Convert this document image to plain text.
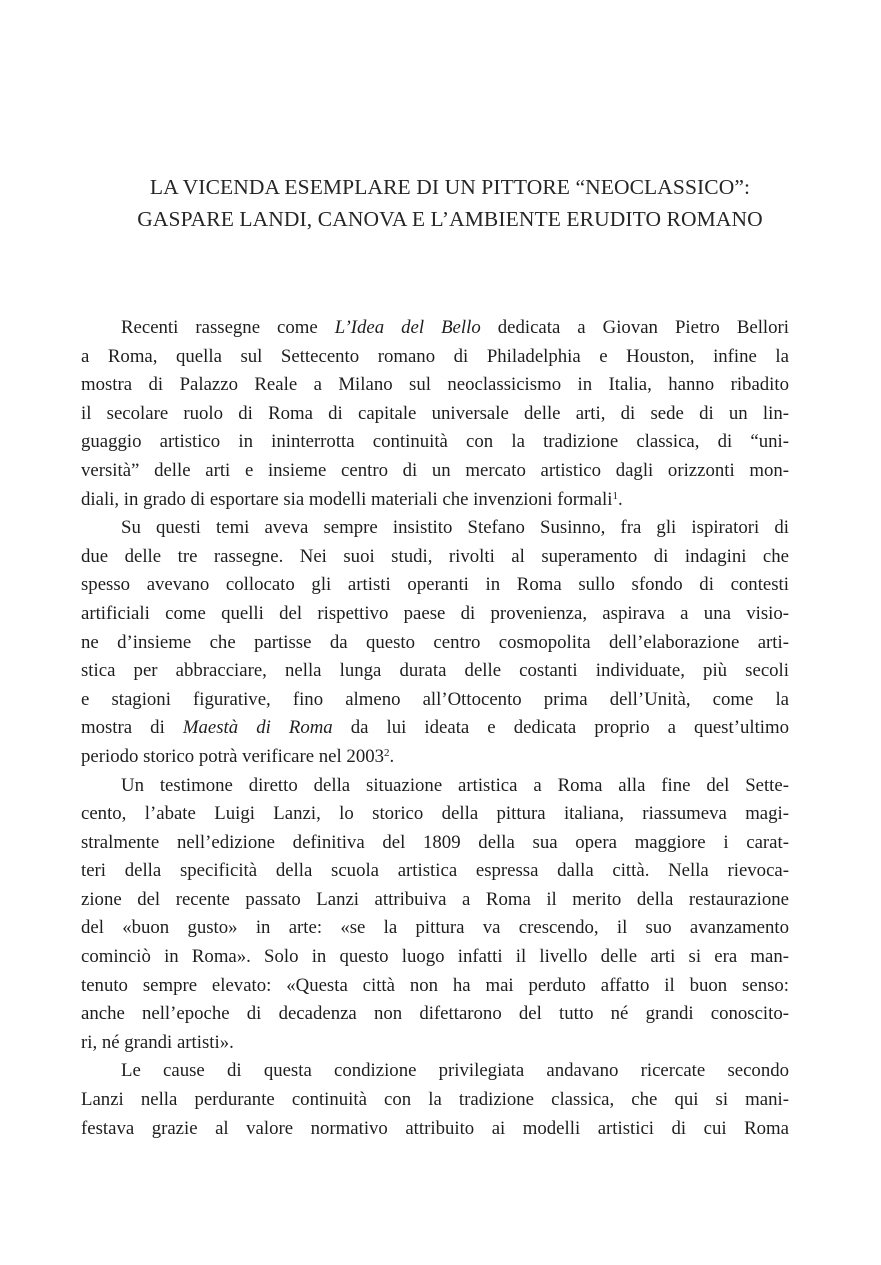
LA VICENDA ESEMPLARE DI UN PITTORE “NEOCLASSICO”:
GASPARE LANDI, CANOVA E L’AMBIENTE ERUDITO ROMANO
Recenti rassegne come L’Idea del Bello dedicata a Giovan Pietro Bellori
a Roma, quella sul Settecento romano di Philadelphia e Houston, infine la
mostra di Palazzo Reale a Milano sul neoclassicismo in Italia, hanno ribadito
il secolare ruolo di Roma di capitale universale delle arti, di sede di un lin-
guaggio artistico in ininterrotta continuità con la tradizione classica, di “uni-
versità” delle arti e insieme centro di un mercato artistico dagli orizzonti mon-
diali, in grado di esportare sia modelli materiali che invenzioni formali$^1$.
Su questi temi aveva sempre insistito Stefano Susinno, fra gli ispiratori di
due delle tre rassegne. Nei suoi studi, rivolti al superamento di indagini che
spesso avevano collocato gli artisti operanti in Roma sullo sfondo di contesti
artificiali come quelli del rispettivo paese di provenienza, aspirava a una visio-
ne d’insieme che partisse da questo centro cosmopolita dell’elaborazione arti-
stica per abbracciare, nella lunga durata delle costanti individuate, più secoli
e stagioni figurative, fino almeno all’Ottocento prima dell’Unità, come la
mostra di Maestà di Roma da lui ideata e dedicata proprio a quest’ultimo
periodo storico potrà verificare nel 2003$^2$.
Un testimone diretto della situazione artistica a Roma alla fine del Sette-
cento, l’abate Luigi Lanzi, lo storico della pittura italiana, riassumeva magi-
stralmente nell’edizione definitiva del 1809 della sua opera maggiore i carat-
teri della specificità della scuola artistica espressa dalla città. Nella rievoca-
zione del recente passato Lanzi attribuiva a Roma il merito della restaurazione
del «buon gusto» in arte: «se la pittura va crescendo, il suo avanzamento
cominciò in Roma». Solo in questo luogo infatti il livello delle arti si era man-
tenuto sempre elevato: «Questa città non ha mai perduto affatto il buon senso:
anche nell’epoche di decadenza non difettarono del tutto né grandi conoscito-
ri, né grandi artisti».
Le cause di questa condizione privilegiata andavano ricercate secondo
Lanzi nella perdurante continuità con la tradizione classica, che qui si mani-
festava grazie al valore normativo attribuito ai modelli artistici di cui Roma
